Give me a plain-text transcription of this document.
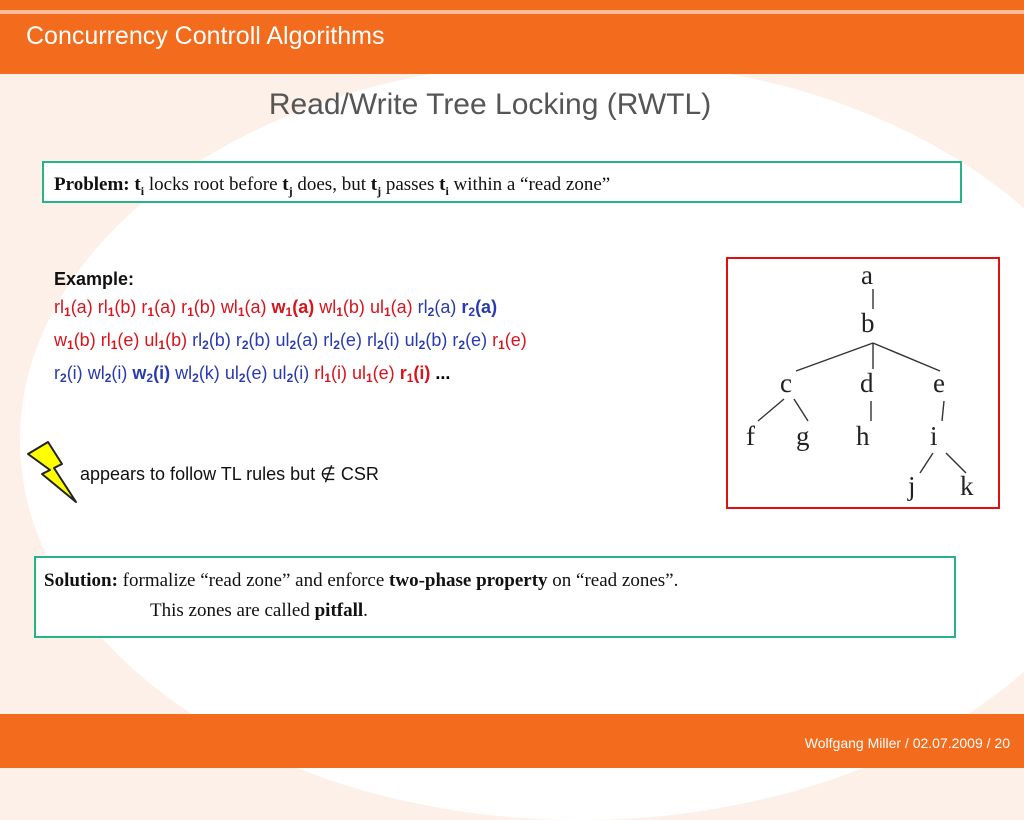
Concurrency Controll Algorithms
Read/Write Tree Locking (RWTL)
Problem: $t_i$ locks root before $t_j$ does, but $t_j$ passes $t_i$ within a “read zone”
Example:
rl1(a) rl1(b) r1(a) r1(b) wl1(a) w1(a) wl1(b) ul1(a) rl2(a) r2(a)
w1(b) rl1(e) ul1(b) rl2(b) r2(b) ul2(a) rl2(e) rl2(i) ul2(b) r2(e) r1(e)
r2(i) wl2(i) w2(i) wl2(k) ul2(e) ul2(i) rl1(i) ul1(e) r1(i) ...
appears to follow TL rules but ∉ CSR
a
b
c	d e
f g h i
j k
Solution: formalize “read zone” and enforce two-phase property on “read zones”.
This zones are called pitfall.
Wolfgang Miller / 02.07.2009 / 20
